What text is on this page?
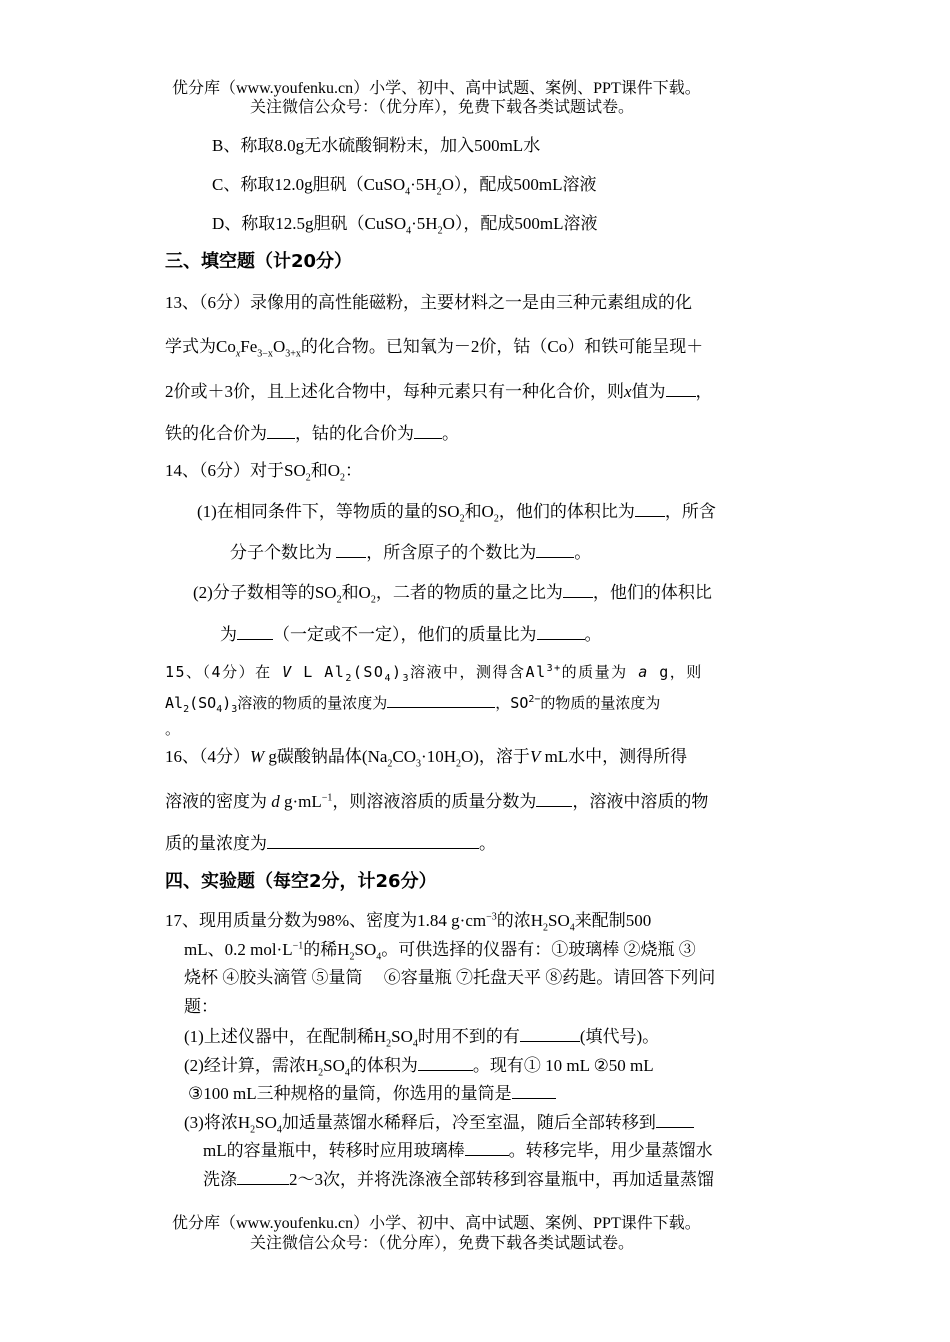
优分库（www.youfenku.cn）小学、初中、高中试题、案例、PPT课件下载。
关注微信公众号：（优分库），免费下载各类试题试卷。
B、称取8.0g无水硫酸铜粉末，加入500mL水
C、称取12.0g胆矾$(CuSO_4\cdot 5H_2O)$，配成500mL溶液
D、称取12.5g胆矾$(CuSO_4\cdot 5H_2O)$，配成500mL溶液
三、填空题（计20分）
13、（6分）录像用的高性能磁粉，主要材料之一是由三种元素组成的化
学式为$Co_xFe_{3-x}O_{3+x}$的化合物。已知氧为－2价，钴（Co）和铁可能呈现＋
2价或＋3价，且上述化合物中，每种元素只有一种化合价，则x值为 ，
铁的化合价为 ，钴的化合价为 。
14、（6分）对于$SO_2$和$O_2$：
(1)在相同条件下，等物质的量的$SO_2$和$O_2$，他们的体积比为 ，所含
分子个数比为 ，所含原子的个数比为 。
(2)分子数相等的$SO_2$和$O_2$，二者的物质的量之比为 ，他们的体积比
为 （一定或不一定），他们的质量比为	。
15、（4分）在 V L $Al_2(SO_4)_3$溶液中，测得含$Al^{3+}$的质量为 a g，则
$Al_2(SO_4)_3$溶液的物质的量浓度为	，$SO^{2-}$的物质的量浓度为
。
16、（4分）W g碳酸钠晶体$(Na_2CO_3\cdot 10H_2O)$，溶于V mL水中，测得所得
溶液的密度为 d $g\cdot mL^{-1}$，则溶液溶质的质量分数为 ，溶液中溶质的物
质的量浓度为	。
四、实验题（每空2分，计26分）
17、现用质量分数为98%、密度为1.84 $g\cdot cm^{-3}$的浓$H_2SO_4$来配制500
mL、0.2 $mol\cdot L^{-1}$的稀$H_2SO_4$。可供选择的仪器有：①玻璃棒 ②烧瓶 ③
烧杯 ④胶头滴管 ⑤量筒　 ⑥容量瓶 ⑦托盘天平 ⑧药匙。请回答下列问
题：
(1)上述仪器中，在配制稀$H_2SO_4$时用不到的有	(填代号)。
(2)经计算，需浓$H_2SO_4$的体积为	。现有① 10 mL ②50 mL
③100 mL三种规格的量筒，你选用的量筒是
(3)将浓$H_2SO_4$加适量蒸馏水稀释后，冷至室温，随后全部转移到
mL的容量瓶中，转移时应用玻璃棒	。转移完毕，用少量蒸馏水
洗涤	2～3次，并将洗涤液全部转移到容量瓶中，再加适量蒸馏
优分库（www.youfenku.cn）小学、初中、高中试题、案例、PPT课件下载。
关注微信公众号：（优分库），免费下载各类试题试卷。
